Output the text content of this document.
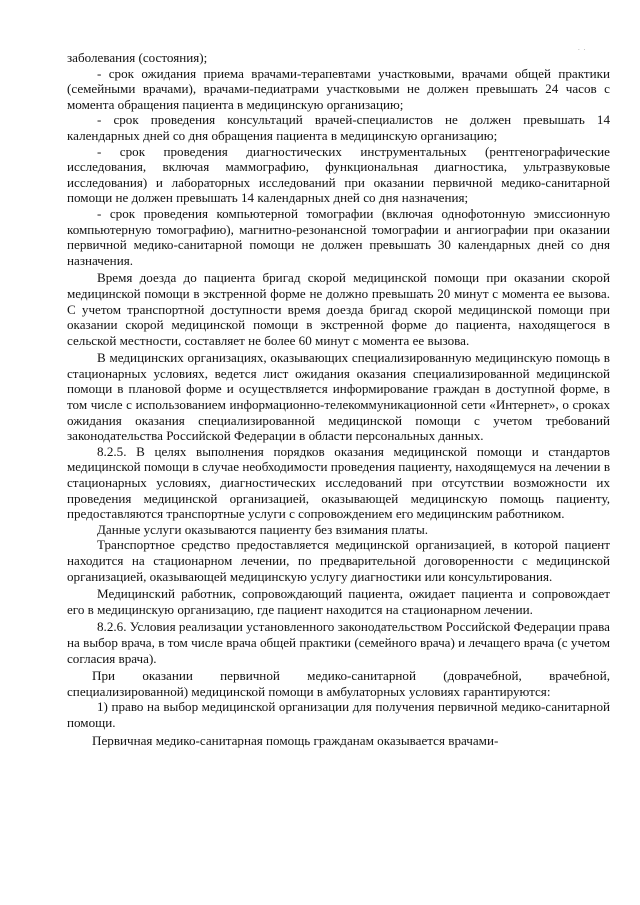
. .

заболевания (состояния);

- срок ожидания приема врачами-терапевтами участковыми, врачами общей практики (семейными врачами), врачами-педиатрами участковыми не должен превышать 24 часов с момента обращения пациента в медицинскую организацию;

- срок проведения консультаций врачей-специалистов не должен превышать 14 календарных дней со дня обращения пациента в медицинскую организацию;

- срок проведения диагностических инструментальных (рентгенографические исследования, включая маммографию, функциональная диагностика, ультразвуковые исследования) и лабораторных исследований при оказании первичной медико-санитарной помощи не должен превышать 14 календарных дней со дня назначения;

- срок проведения компьютерной томографии (включая однофотонную эмиссионную компьютерную томографию), магнитно-резонансной томографии и ангиографии при оказании первичной медико-санитарной помощи не должен превышать 30 календарных дней со дня назначения.

Время доезда до пациента бригад скорой медицинской помощи при оказании скорой медицинской помощи в экстренной форме не должно превышать 20 минут с момента ее вызова. С учетом транспортной доступности время доезда бригад скорой медицинской помощи при оказании скорой медицинской помощи в экстренной форме до пациента, находящегося в сельской местности, составляет не более 60 минут с момента ее вызова.

В медицинских организациях, оказывающих специализированную медицинскую помощь в стационарных условиях, ведется лист ожидания оказания специализированной медицинской помощи в плановой форме и осуществляется информирование граждан в доступной форме, в том числе с использованием информационно-телекоммуникационной сети «Интернет», о сроках ожидания оказания специализированной медицинской помощи с учетом требований законодательства Российской Федерации в области персональных данных.

8.2.5. В целях выполнения порядков оказания медицинской помощи и стандартов медицинской помощи в случае необходимости проведения пациенту, находящемуся на лечении в стационарных условиях, диагностических исследований при отсутствии возможности их проведения медицинской организацией, оказывающей медицинскую помощь пациенту, предоставляются транспортные услуги с сопровождением его медицинским работником.

Данные услуги оказываются пациенту без взимания платы.

Транспортное средство предоставляется медицинской организацией, в которой пациент находится на стационарном лечении, по предварительной договоренности с медицинской организацией, оказывающей медицинскую услугу диагностики или консультирования.

Медицинский работник, сопровождающий пациента, ожидает пациента и сопровождает его в медицинскую организацию, где пациент находится на стационарном лечении.

8.2.6. Условия реализации установленного законодательством Российской Федерации права на выбор врача, в том числе врача общей практики (семейного врача) и лечащего врача (с учетом согласия врача).

При оказании первичной медико-санитарной (доврачебной, врачебной, специализированной) медицинской помощи в амбулаторных условиях гарантируются:

1) право на выбор медицинской организации для получения первичной медико-санитарной помощи.

Первичная медико-санитарная помощь гражданам оказывается врачами-
